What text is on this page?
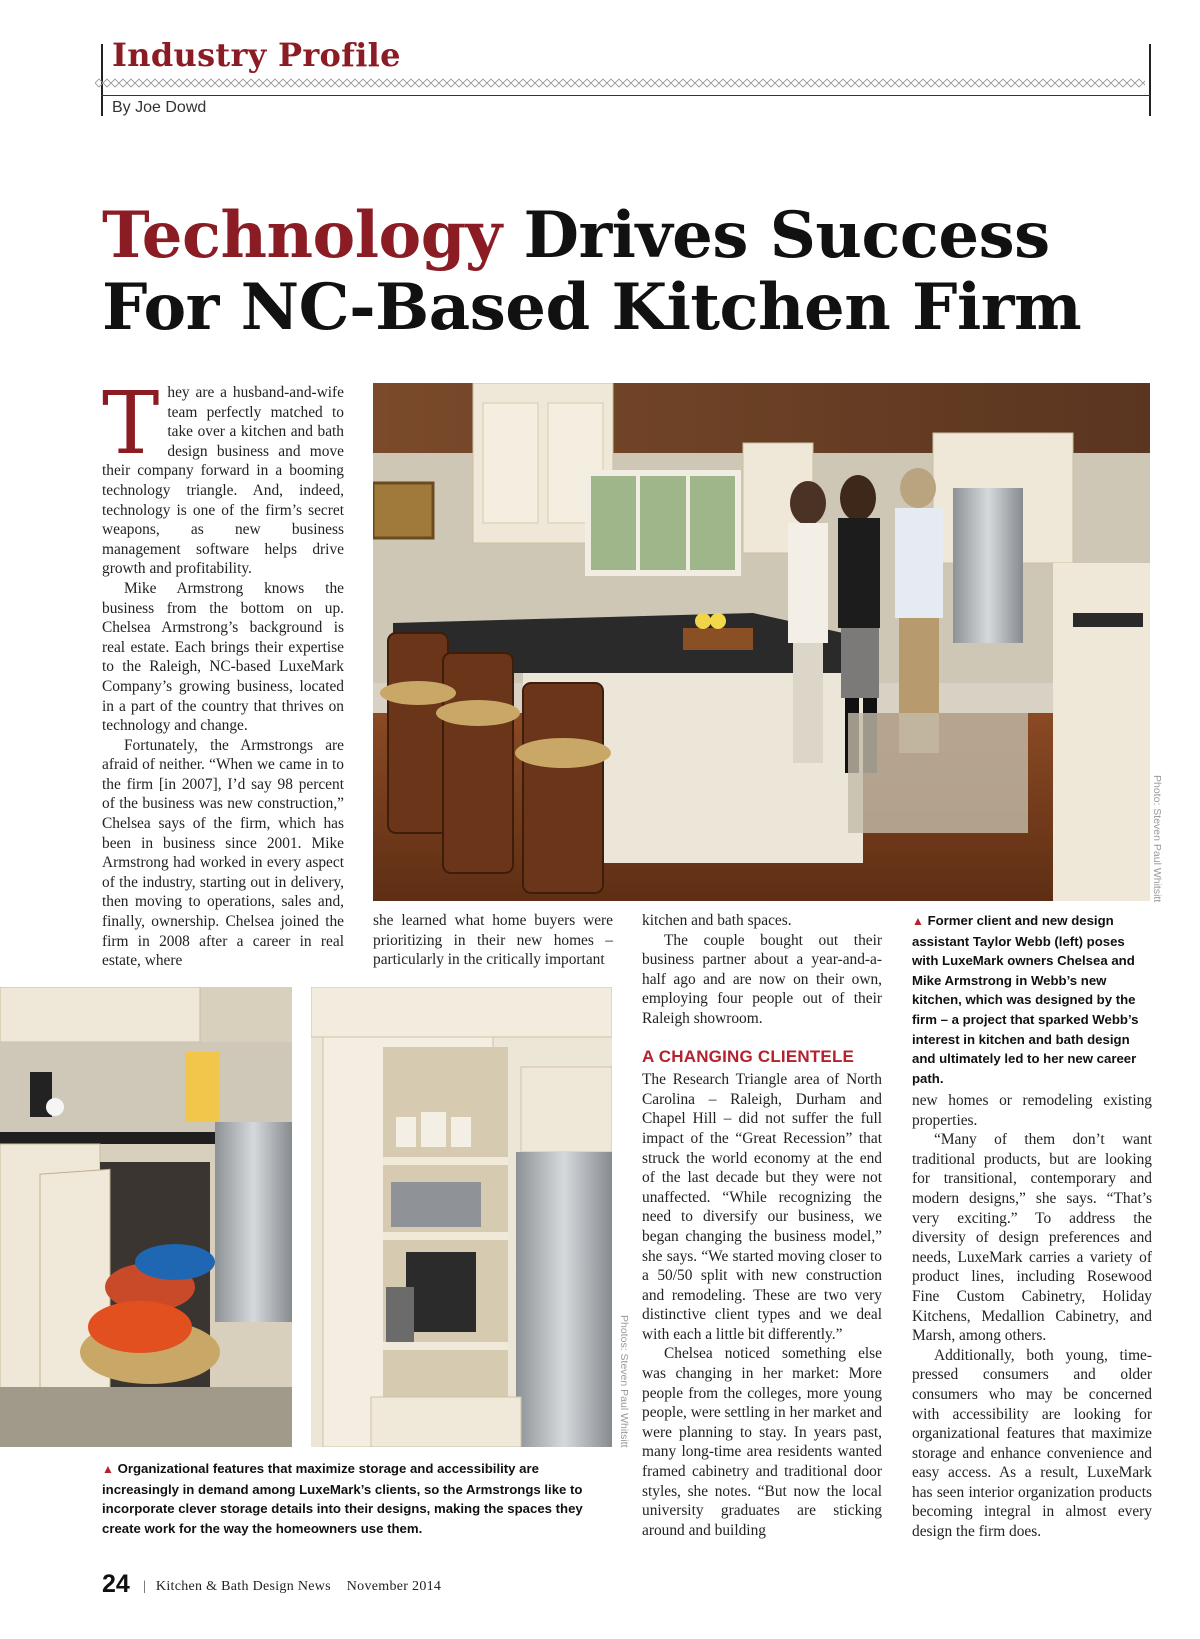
Industry Profile
By Joe Dowd
Technology Drives Success
For NC-Based Kitchen Firm

They are a husband-and-wife team perfectly matched to take over a kitchen and bath design business and move their company forward in a booming technology triangle. And, indeed, technology is one of the firm’s secret weapons, as new business management software helps drive growth and profitability.

Mike Armstrong knows the business from the bottom on up. Chelsea Armstrong’s background is real estate. Each brings their expertise to the Raleigh, NC-based LuxeMark Company’s growing business, located in a part of the country that thrives on technology and change.

Fortunately, the Armstrongs are afraid of neither. “When we came in to the firm [in 2007], I’d say 98 percent of the business was new construction,” Chelsea says of the firm, which has been in business since 2001. Mike Armstrong had worked in every aspect of the industry, starting out in delivery, then moving to operations, sales and, finally, ownership. Chelsea joined the firm in 2008 after a career in real estate, where

Photo: Steven Paul Whitsitt

she learned what home buyers were prioritizing in their new homes – particularly in the critically important

kitchen and bath spaces.

The couple bought out their business partner about a year-and-a-half ago and are now on their own, employing four people out of their Raleigh showroom.

A CHANGING CLIENTELE

The Research Triangle area of North Carolina – Raleigh, Durham and Chapel Hill – did not suffer the full impact of the “Great Recession” that struck the world economy at the end of the last decade but they were not unaffected. “While recognizing the need to diversify our business, we began changing the business model,” she says. “We started moving closer to a 50/50 split with new construction and remodeling. These are two very distinctive client types and we deal with each a little bit differently.”

Chelsea noticed something else was changing in her market: More people from the colleges, more young people, were settling in her market and were planning to stay. In years past, many long-time area residents wanted framed cabinetry and traditional door styles, she notes. “But now the local university graduates are sticking around and building

▲ Former client and new design assistant Taylor Webb (left) poses with LuxeMark owners Chelsea and Mike Armstrong in Webb’s new kitchen, which was designed by the firm – a project that sparked Webb’s interest in kitchen and bath design and ultimately led to her new career path.

new homes or remodeling existing properties.

“Many of them don’t want traditional products, but are looking for transitional, contemporary and modern designs,” she says. “That’s very exciting.” To address the diversity of design preferences and needs, LuxeMark carries a variety of product lines, including Rosewood Fine Custom Cabinetry, Holiday Kitchens, Medallion Cabinetry, and Marsh, among others.

Additionally, both young, time-pressed consumers and older consumers who may be concerned with accessibility are looking for organizational features that maximize storage and enhance convenience and easy access. As a result, LuxeMark has seen interior organization products becoming integral in almost every design the firm does.

Photos: Steven Paul Whitsitt
▲ Organizational features that maximize storage and accessibility are increasingly in demand among LuxeMark’s clients, so the Armstrongs like to incorporate clever storage details into their designs, making the spaces they create work for the way the homeowners use them.
24 | Kitchen & Bath Design News November 2014
